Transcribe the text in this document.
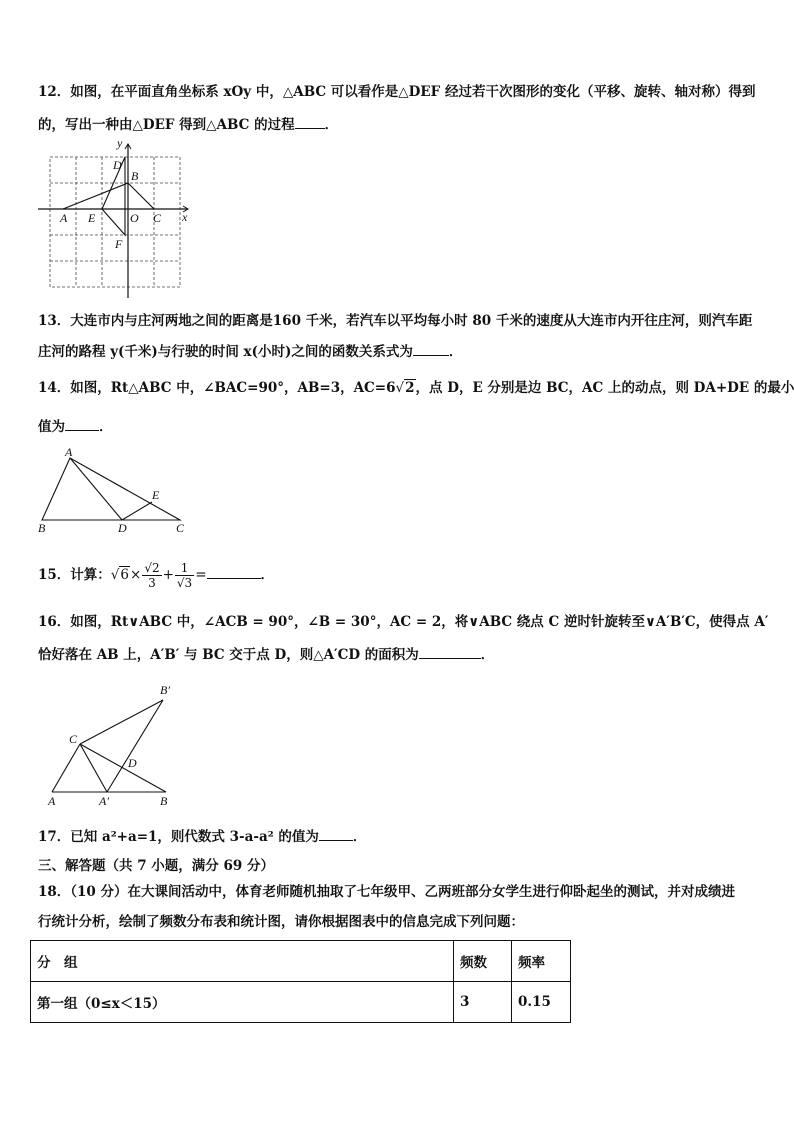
12．如图，在平面直角坐标系 xOy 中，△ABC 可以看作是△DEF 经过若干次图形的变化（平移、旋转、轴对称）得到
的，写出一种由△DEF 得到△ABC 的过程 ．
y
x
D
B
A E	O C
F
13．大连市内与庄河两地之间的距离是160 千米，若汽车以平均每小时 80 千米的速度从大连市内开往庄河，则汽车距
庄河的路程 y(千米)与行驶的时间 x(小时)之间的函数关系式为	．
14．如图，Rt△ABC 中，∠BAC=90°，AB=3，AC=6√2，点 D，E 分别是边 BC，AC 上的动点，则 DA+DE 的最小
值为	．
A
B	C
D
E
15．计算：$√6\times \frac{√2}{3} + \frac{1}{√3}$ =	．
16．如图，Rt∨ABC 中，∠ACB = 90°，∠B = 30°，AC = 2，将∨ABC 绕点 C 逆时针旋转至∨A′B′C，使得点 A′
恰好落在 AB 上，A′B′ 与 BC 交于点 D，则△A′CD 的面积为	．
B′
C
D
A	A′	B
17．已知 a²+a=1，则代数式 3-a-a² 的值为	．
三、解答题（共 7 小题，满分 69 分）
18．（10 分）在大课间活动中，体育老师随机抽取了七年级甲、乙两班部分女学生进行仰卧起坐的测试，并对成绩进
行统计分析，绘制了频数分布表和统计图，请你根据图表中的信息完成下列问题：
分　组	频数	频率
第一组（0≤x＜15）	3	0.15
